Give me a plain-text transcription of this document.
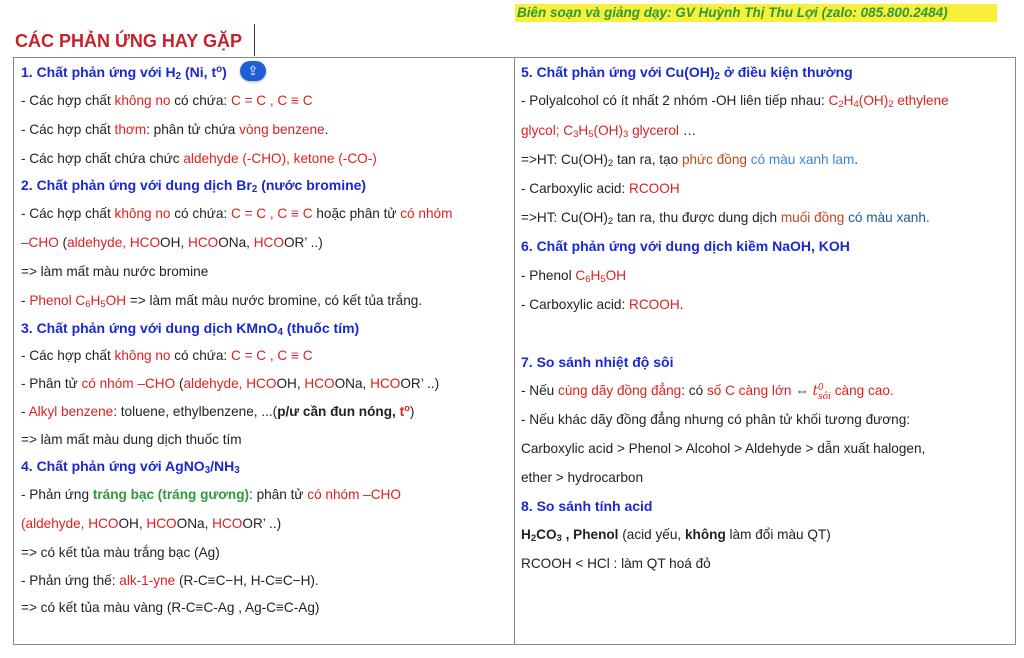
Biên soạn và giảng dạy: GV Huỳnh Thị Thu Lợi (zalo: 085.800.2484)
CÁC PHẢN ỨNG HAY GẶP
1. Chất phản ứng với $H_2$ (Ni, $t^o$)
- Các hợp chất không no có chứa: C = C , C ≡ C
- Các hợp chất thơm: phân tử chứa vòng benzene.
- Các hợp chất chứa chức aldehyde (-CHO), ketone (-CO-)
2. Chất phản ứng với dung dịch $Br_2$ (nước bromine)
- Các hợp chất không no có chứa: C = C , C ≡ C hoặc phân tử có nhóm
–CHO (aldehyde, HCOOH, HCOONa, HCOOR’ ..)
=> làm mất màu nước bromine
- Phenol $C_6H_5OH$ => làm mất màu nước bromine, có kết tủa trắng.
3. Chất phản ứng với dung dịch KMnO$_4$ (thuốc tím)
- Các hợp chất không no có chứa: C = C , C ≡ C
- Phân tử có nhóm –CHO (aldehyde, HCOOH, HCOONa, HCOOR’ ..)
- Alkyl benzene: toluene, ethylbenzene, ...(p/ư cần đun nóng, $t^o$)
=> làm mất màu dung dịch thuốc tím
4. Chất phản ứng với $AgNO_3/NH_3$
- Phản ứng tráng bạc (tráng gương): phân tử có nhóm –CHO
(aldehyde, HCOOH, HCOONa, HCOOR’ ..)
=> có kết tủa màu trắng bạc (Ag)
- Phản ứng thế: alk-1-yne (R-C≡C−H, H-C≡C−H).
=> có kết tủa màu vàng (R-C≡C-Ag , Ag-C≡C-Ag)
5. Chất phản ứng với $Cu(OH)_2$ ở điều kiện thường
- Polyalcohol có ít nhất 2 nhóm -OH liên tiếp nhau: $C_2H_4(OH)_2$ ethylene
glycol; $C_3H_5(OH)_3$ glycerol …
=>HT: $Cu(OH)_2$ tan ra, tạo phức đồng có màu xanh lam.
- Carboxylic acid: RCOOH
=>HT: $Cu(OH)_2$ tan ra, thu được dung dịch muối đồng có màu xanh.
6. Chất phản ứng với dung dịch kiềm NaOH, KOH
- Phenol $C_6H_5OH$
- Carboxylic acid: RCOOH.
7. So sánh nhiệt độ sôi
- Nếu cùng dãy đồng đẳng: có số C càng lớn ⇔ t 0
sôi càng cao.
- Nếu khác dãy đồng đẳng nhưng có phân tử khối tương đương:
Carboxylic acid > Phenol > Alcohol > Aldehyde > dẫn xuất halogen,
ether > hydrocarbon
8. So sánh tính acid
$H_2CO_3$ , Phenol (acid yếu, không làm đổi màu QT)
RCOOH < HCl : làm QT hoá đỏ
⇪
